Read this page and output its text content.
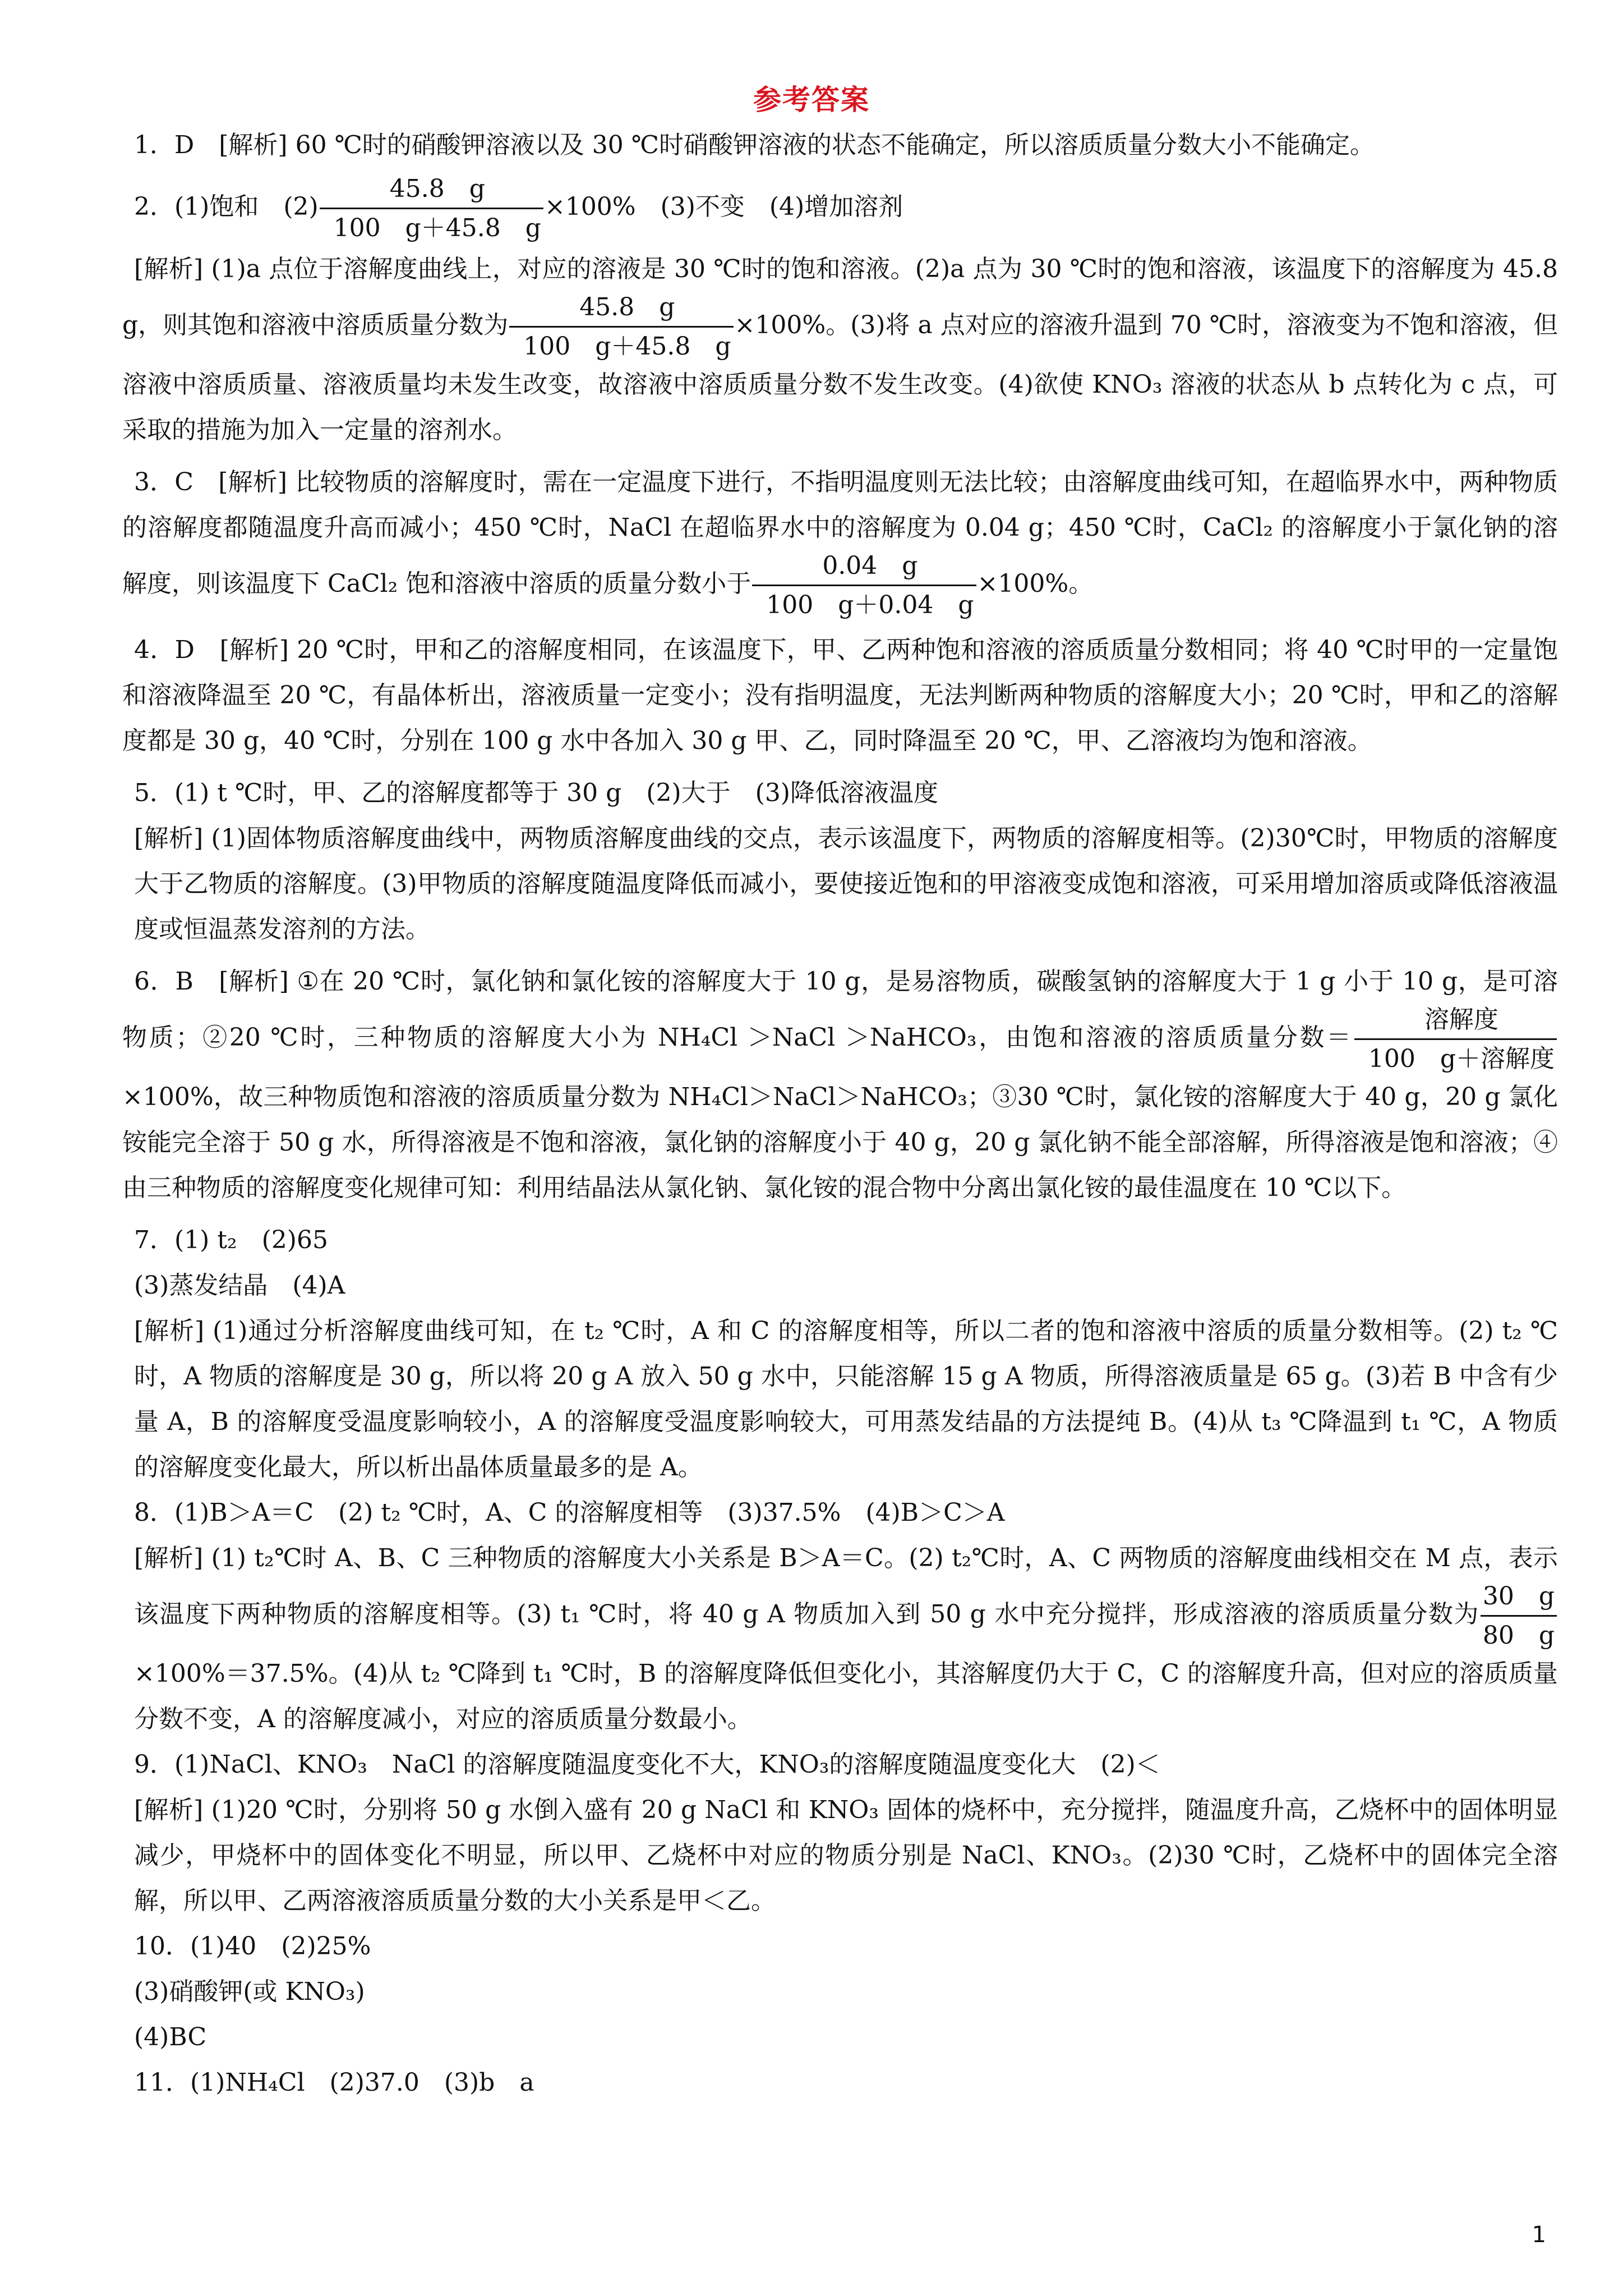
参考答案
1．D　[解析] 60 ℃时的硝酸钾溶液以及 30 ℃时硝酸钾溶液的状态不能确定，所以溶质质量分数大小不能确定。
2．(1)饱和　$(2) \frac{45.8 g}{100 g+45.8 g} \times 100\%$　(3)不变　(4)增加溶剂
[解析] (1)a 点位于溶解度曲线上，对应的溶液是 30 ℃时的饱和溶液。(2)a 点为 30 ℃时的饱和溶液，该温度下的溶解度为 45.8 g，则其饱和溶液中溶质质量分数为 $\frac{45.8 g}{100 g+45.8 g} \times 100\%$。(3)将 a 点对应的溶液升温到 70 ℃时，溶液变为不饱和溶液，但溶液中溶质质量、溶液质量均未发生改变，故溶液中溶质质量分数不发生改变。(4)欲使 KNO₃ 溶液的状态从 b 点转化为 c 点，可采取的措施为加入一定量的溶剂水。
3．C　[解析] 比较物质的溶解度时，需在一定温度下进行，不指明温度则无法比较；由溶解度曲线可知，在超临界水中，两种物质的溶解度都随温度升高而减小；450 ℃时，NaCl 在超临界水中的溶解度为 0.04 g；450 ℃时，CaCl₂ 的溶解度小于氯化钠的溶解度，则该温度下 CaCl₂ 饱和溶液中溶质的质量分数小于 $\frac{0.04 g}{100 g+0.04 g} \times 100\%$。
4．D　[解析] 20 ℃时，甲和乙的溶解度相同，在该温度下，甲、乙两种饱和溶液的溶质质量分数相同；将 40 ℃时甲的一定量饱和溶液降温至 20 ℃，有晶体析出，溶液质量一定变小；没有指明温度，无法判断两种物质的溶解度大小；20 ℃时，甲和乙的溶解度都是 30 g，40 ℃时，分别在 100 g 水中各加入 30 g 甲、乙，同时降温至 20 ℃，甲、乙溶液均为饱和溶液。
5．(1) t ℃时，甲、乙的溶解度都等于 30 g　(2)大于　(3)降低溶液温度
[解析] (1)固体物质溶解度曲线中，两物质溶解度曲线的交点，表示该温度下，两物质的溶解度相等。(2)30℃时，甲物质的溶解度大于乙物质的溶解度。(3)甲物质的溶解度随温度降低而减小，要使接近饱和的甲溶液变成饱和溶液，可采用增加溶质或降低溶液温度或恒温蒸发溶剂的方法。
6．B　[解析] ①在 20 ℃时，氯化钠和氯化铵的溶解度大于 10 g，是易溶物质，碳酸氢钠的溶解度大于 1 g 小于 10 g，是可溶物质；②20 ℃时，三种物质的溶解度大小为 NH₄Cl ＞NaCl ＞NaHCO₃，由饱和溶液的溶质质量分数＝ $\frac{\text{溶解度}}{\text{100　g＋溶解度}}$
×100%，故三种物质饱和溶液的溶质质量分数为 NH₄Cl＞NaCl＞NaHCO₃；③30 ℃时，氯化铵的溶解度大于 40 g，20 g 氯化铵能完全溶于 50 g 水，所得溶液是不饱和溶液，氯化钠的溶解度小于 40 g，20 g 氯化钠不能全部溶解，所得溶液是饱和溶液；④由三种物质的溶解度变化规律可知：利用结晶法从氯化钠、氯化铵的混合物中分离出氯化铵的最佳温度在 10 ℃以下。
7．(1) t₂　(2)65
(3)蒸发结晶　(4)A
[解析] (1)通过分析溶解度曲线可知，在 t₂ ℃时，A 和 C 的溶解度相等，所以二者的饱和溶液中溶质的质量分数相等。(2) t₂ ℃时，A 物质的溶解度是 30 g，所以将 20 g A 放入 50 g 水中，只能溶解 15 g A 物质，所得溶液质量是 65 g。(3)若 B 中含有少量 A，B 的溶解度受温度影响较小，A 的溶解度受温度影响较大，可用蒸发结晶的方法提纯 B。(4)从 t₃ ℃降温到 t₁ ℃，A 物质的溶解度变化最大，所以析出晶体质量最多的是 A。
8．(1)B＞A＝C　(2) t₂ ℃时，A、C 的溶解度相等　(3)37.5%　(4)B＞C＞A
[解析] (1) t₂℃时 A、B、C 三种物质的溶解度大小关系是 B＞A＝C。(2) t₂℃时，A、C 两物质的溶解度曲线相交在 M 点，表示该温度下两种物质的溶解度相等。(3) t₁ ℃时，将 40 g A 物质加入到 50 g 水中充分搅拌，形成溶液的溶质质量分数为 $\frac{30 g}{80 g}$
×100%＝37.5%。(4)从 t₂ ℃降到 t₁ ℃时，B 的溶解度降低但变化小，其溶解度仍大于 C，C 的溶解度升高，但对应的溶质质量分数不变，A 的溶解度减小，对应的溶质质量分数最小。
9．(1)NaCl、KNO₃　NaCl 的溶解度随温度变化不大，KNO₃的溶解度随温度变化大　(2)＜
[解析] (1)20 ℃时，分别将 50 g 水倒入盛有 20 g NaCl 和 KNO₃ 固体的烧杯中，充分搅拌，随温度升高，乙烧杯中的固体明显减少，甲烧杯中的固体变化不明显，所以甲、乙烧杯中对应的物质分别是 NaCl、KNO₃。(2)30 ℃时，乙烧杯中的固体完全溶解，所以甲、乙两溶液溶质质量分数的大小关系是甲＜乙。
10．(1)40　(2)25%
(3)硝酸钾(或 KNO₃)
(4)BC
11．(1)NH₄Cl　(2)37.0　(3)b　a
1
